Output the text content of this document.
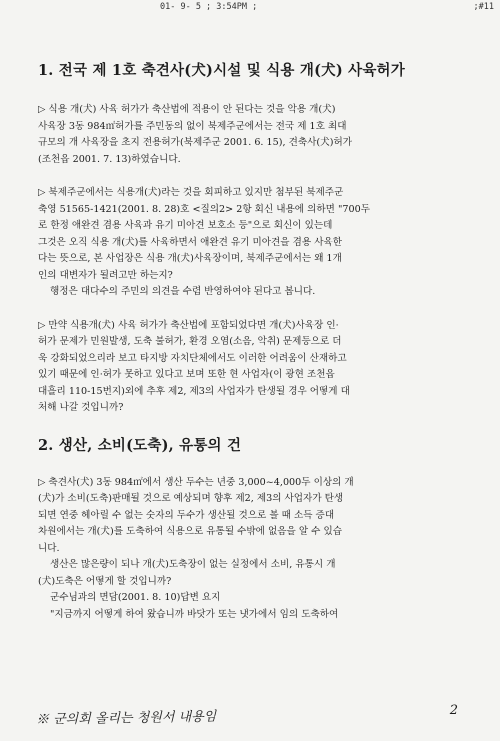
01- 9- 5 ; 3:54PM ;	;#11
1. 전국 제 1호 축견사(犬)시설 및 식용 개(犬) 사육허가

▷ 식용 개(犬) 사육 허가가 축산법에 적용이 안 된다는 것을 악용 개(犬)
사육장 3동 984㎡허가를 주민동의 없이 북제주군에서는 전국 제 1호 최대
규모의 개 사육장을 초지 전용허가(북제주군 2001. 6. 15), 견축사(犬)허가
(조천읍 2001. 7. 13)하였습니다.

▷ 북제주군에서는 식용개(犬)라는 것을 회피하고 있지만 첨부된 북제주군
축영 51565-1421(2001. 8. 28)호 <질의2> 2항 회신 내용에 의하면 "700두
로 한정 애완견 겸용 사육과 유기 미아견 보호소 등"으로 회신이 있는데
그것은 오직 식용 개(犬)를 사육하면서 애완견 유기 미아견을 겸용 사육한
다는 뜻으로, 본 사업장은 식용 개(犬)사육장이며, 북제주군에서는 왜 1개
인의 대변자가 될려고만 하는지?

행정은 대다수의 주민의 의견을 수렴 반영하여야 된다고 봅니다.

▷ 만약 식용개(犬) 사육 허가가 축산법에 포함되었다면 개(犬)사육장 인·
허가 문제가 민원발생, 도축 불허가, 환경 오염(소음, 악취) 문제등으로 더
욱 강화되었으리라 보고 타지방 자치단체에서도 이러한 어려움이 산재하고
있기 때문에 인·허가 못하고 있다고 보며 또한 현 사업자(이 광현 조천읍
대흘리 110-15번지)외에 추후 제2, 제3의 사업자가 탄생될 경우 어떻게 대
처해 나갈 것입니까?

2. 생산, 소비(도축), 유통의 건

▷ 축견사(犬) 3동 984㎡에서 생산 두수는 년중 3,000~4,000두 이상의 개
(犬)가 소비(도축)판매될 것으로 예상되며 향후 제2, 제3의 사업자가 탄생
되면 연중 헤아릴 수 없는 숫자의 두수가 생산될 것으로 볼 때 소득 증대
차원에서는 개(犬)를 도축하여 식용으로 유통될 수밖에 없음을 알 수 있습
니다.

생산은 많은량이 되나 개(犬)도축장이 없는 실정에서 소비, 유통시 개
(犬)도축은 어떻게 할 것입니까?

군수님과의 면담(2001. 8. 10)답변 요지

"지금까지 어떻게 하여 왔습니까 바닷가 또는 냇가에서 임의 도축하여

※ 군의회 올리는 청원서 내용임	2
